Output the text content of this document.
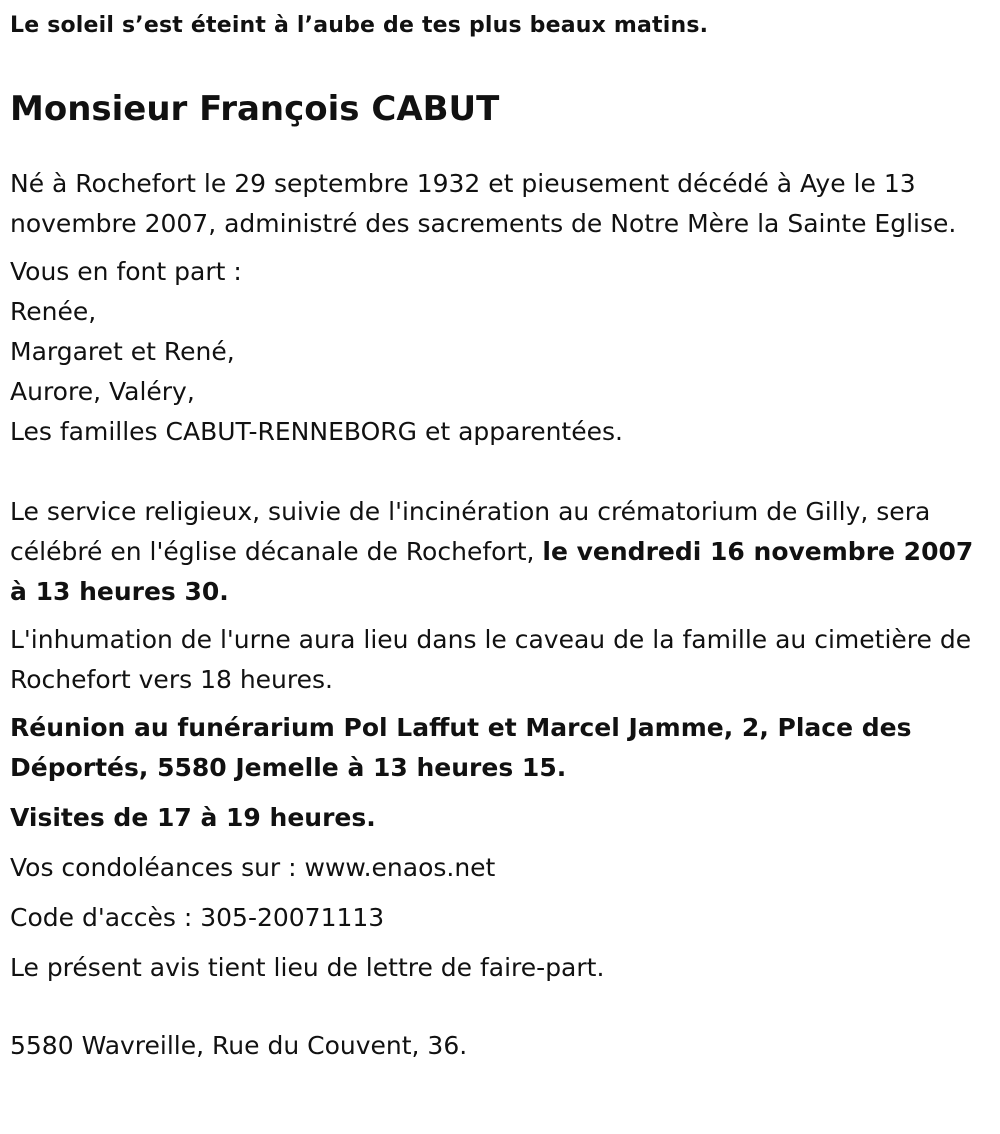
Le soleil s’est éteint à l’aube de tes plus beaux matins.

Monsieur François CABUT

Né à Rochefort le 29 septembre 1932 et pieusement décédé à Aye le 13 novembre 2007, administré des sacrements de Notre Mère la Sainte Eglise.

Vous en font part :
Renée,
Margaret et René,
Aurore, Valéry,
Les familles CABUT-RENNEBORG et apparentées.

Le service religieux, suivie de l'incinération au crématorium de Gilly, sera célébré en l'église décanale de Rochefort, le vendredi 16 novembre 2007 à 13 heures 30.

L'inhumation de l'urne aura lieu dans le caveau de la famille au cimetière de Rochefort vers 18 heures.

Réunion au funérarium Pol Laffut et Marcel Jamme, 2, Place des Déportés, 5580 Jemelle à 13 heures 15.

Visites de 17 à 19 heures.

Vos condoléances sur : www.enaos.net

Code d'accès : 305-20071113

Le présent avis tient lieu de lettre de faire-part.

5580 Wavreille, Rue du Couvent, 36.
